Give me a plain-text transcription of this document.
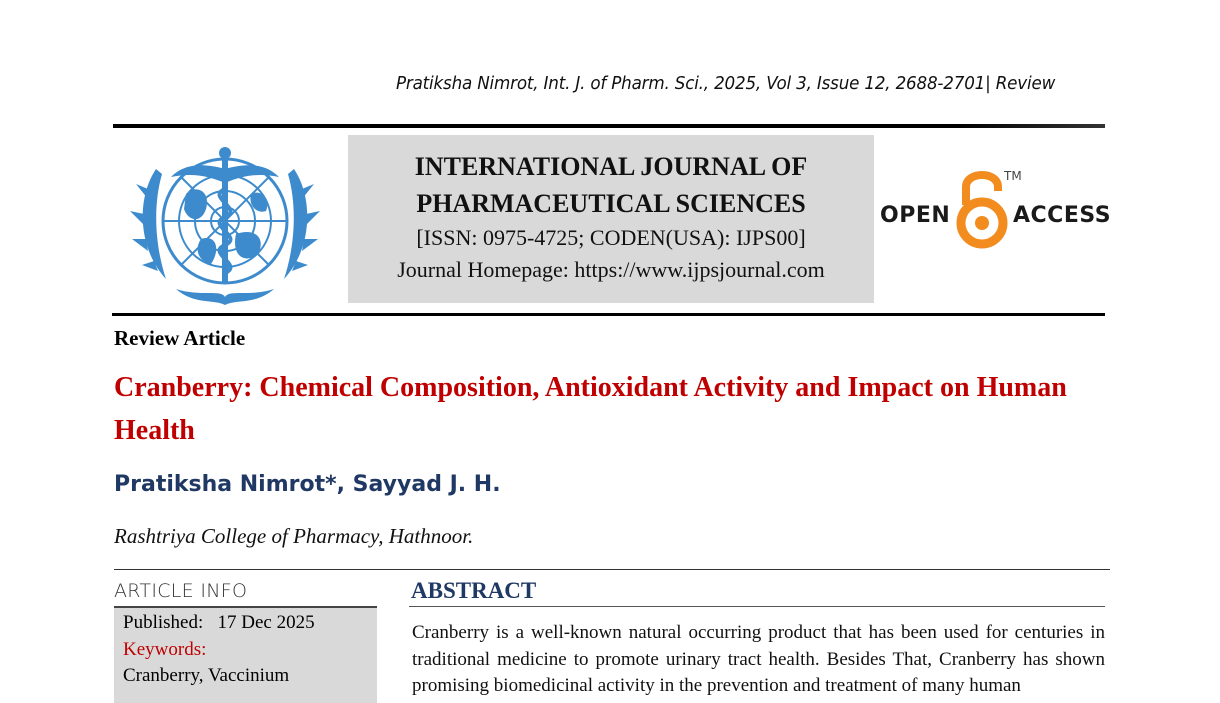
Pratiksha Nimrot, Int. J. of Pharm. Sci., 2025, Vol 3, Issue 12, 2688-2701| Review
INTERNATIONAL JOURNAL OF
PHARMACEUTICAL SCIENCES
[ISSN: 0975-4725; CODEN(USA): IJPS00]
Journal Homepage: https://www.ijpsjournal.com
OPEN
TM
ACCESS
Review Article
Cranberry: Chemical Composition, Antioxidant Activity and Impact on Human Health
Pratiksha Nimrot*, Sayyad J. H.
Rashtriya College of Pharmacy, Hathnoor.
ARTICLE INFO
Published: 17 Dec 2025
Keywords:
Cranberry, Vaccinium
ABSTRACT
Cranberry is a well-known natural occurring product that has been used for centuries in traditional medicine to promote urinary tract health. Besides That, Cranberry has shown promising biomedicinal activity in the prevention and treatment of many human
